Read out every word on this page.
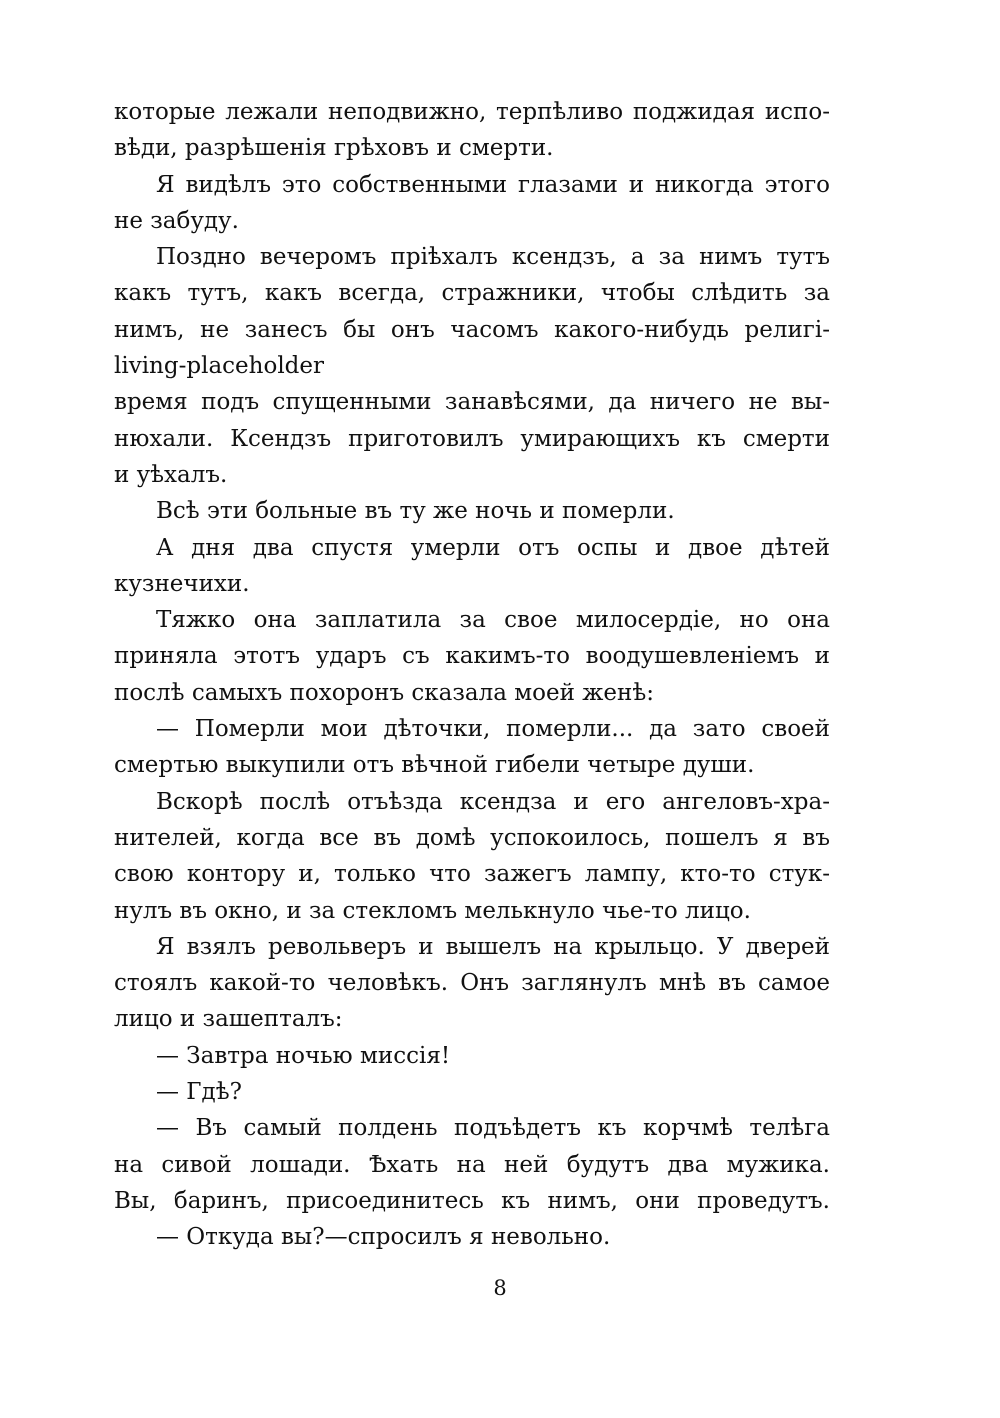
которые лежали неподвижно, терпѣливо поджидая испо-
вѣди, разрѣшенія грѣховъ и смерти.
Я видѣлъ это собственными глазами и никогда этого
не забуду.
Поздно вечеромъ пріѣхалъ ксендзъ, а за нимъ тутъ
какъ тутъ, какъ всегда, стражники, чтобы слѣдить за
нимъ, не занесъ бы онъ часомъ какого-нибудь религі-
living-placeholder
время подъ спущенными занавѣсями, да ничего не вы-
нюхали. Ксендзъ приготовилъ умирающихъ къ смерти
и уѣхалъ.
Всѣ эти больные въ ту же ночь и померли.
А дня два спустя умерли отъ оспы и двое дѣтей
кузнечихи.
Тяжко она заплатила за свое милосердіе, но она
приняла этотъ ударъ съ какимъ-то воодушевленіемъ и
послѣ самыхъ похоронъ сказала моей женѣ:
— Померли мои дѣточки, померли... да зато своей
смертью выкупили отъ вѣчной гибели четыре души.
Вскорѣ послѣ отъѣзда ксендза и его ангеловъ-хра-
нителей, когда все въ домѣ успокоилось, пошелъ я въ
свою контору и, только что зажегъ лампу, кто-то стук-
нулъ въ окно, и за стекломъ мелькнуло чье-то лицо.
Я взялъ револьверъ и вышелъ на крыльцо. У дверей
стоялъ какой-то человѣкъ. Онъ заглянулъ мнѣ въ самое
лицо и зашепталъ:
— Завтра ночью миссія!
— Гдѣ?
— Въ самый полдень подъѣдетъ къ корчмѣ телѣга
на сивой лошади. Ѣхать на ней будутъ два мужика.
Вы, баринъ, присоединитесь къ нимъ, они проведутъ.
— Откуда вы?—спросилъ я невольно.
8
